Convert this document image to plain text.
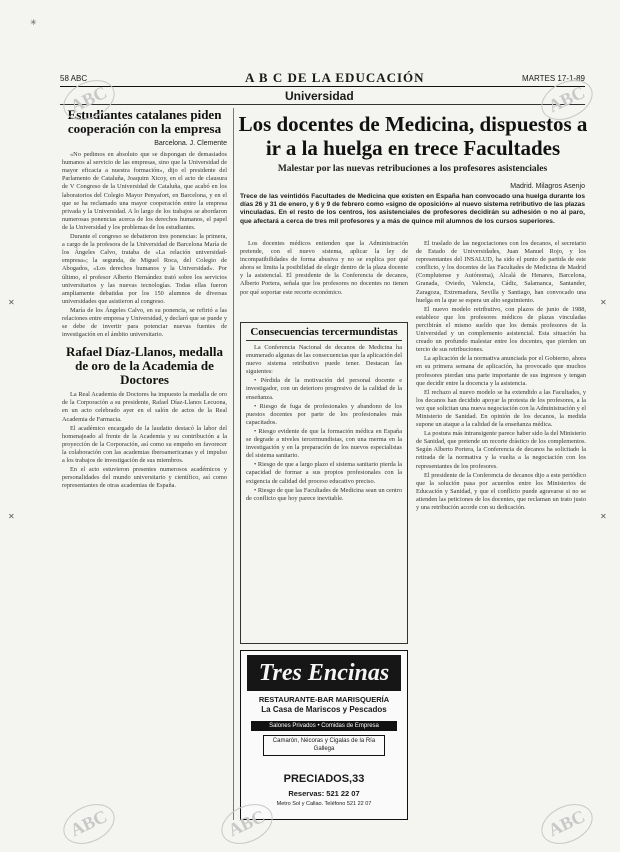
58 ABC	A B C DE LA EDUCACIÓN	MARTES 17-1-89
Universidad
Estudiantes catalanes piden cooperación con la empresa
Barcelona. J. Clemente

«No pedimos en absoluto que se dispongan de demasiados humanos al servicio de las empresas, sino que la Universidad de mayor eficacia a nuestra formación», dijo el presidente del Parlamento de Cataluña, Joaquim Xicoy, en el acto de clausura de V Congreso de la Universidad de Cataluña, que acabó en los laboratorios del Colegio Mayor Penyafort, en Barcelona, y en el que se ha reclamado una mayor cooperación entre la empresa privada y la Universidad. A lo largo de los trabajos se abordaron numerosas ponencias acerca de los derechos humanos, el papel de la Universidad y los problemas de los estudiantes.

Durante el congreso se debatieron tres ponencias: la primera, a cargo de la profesora de la Universidad de Barcelona María de los Ángeles Calvo, trataba de «La relación universidad-empresa»; la segunda, de Miguel Roca, del Colegio de Abogados, «Los derechos humanos y la Universidad». Por último, el profesor Alberto Hernández trató sobre los servicios universitarios y las nuevas tecnologías. Todas ellas fueron ampliamente debatidas por los 150 alumnos de diversas universidades que asistieron al congreso.

María de los Ángeles Calvo, en su ponencia, se refirió a las relaciones entre empresa y Universidad, y declaró que se puede y se debe de invertir para potenciar nuevas fuentes de investigación en el ámbito universitario.

Rafael Díaz-Llanos, medalla de oro de la Academia de Doctores

La Real Academia de Doctores ha impuesto la medalla de oro de la Corporación a su presidente, Rafael Díaz-Llanos Lecuona, en un acto celebrado ayer en el salón de actos de la Real Academia de Farmacia.

El académico encargado de la laudatio destacó la labor del homenajeado al frente de la Academia y su contribución a la proyección de la Corporación, así como su empeño en favorecer la colaboración con las academias iberoamericanas y el impulso a los trabajos de investigación de sus miembros.

En el acto estuvieron presentes numerosos académicos y personalidades del mundo universitario y científico, así como representantes de otras academias de España.

Los docentes de Medicina, dispuestos a ir a la huelga en trece Facultades
Malestar por las nuevas retribuciones a los profesores asistenciales
Madrid. Milagros Asenjo
Trece de las veintidós Facultades de Medicina que existen en España han convocado una huelga durante los días 26 y 31 de enero, y 6 y 9 de febrero como «signo de oposición» al nuevo sistema retributivo de las plazas vinculadas. En el resto de los centros, los asistenciales de profesores decidirán su adhesión o no al paro, que afectará a cerca de tres mil profesores y a más de quince mil alumnos de los cursos superiores.

Los docentes médicos entienden que la Administración pretende, con el nuevo sistema, aplicar la ley de incompatibilidades de forma abusiva y no se explica por qué ahora se limita la posibilidad de elegir dentro de la plaza docente y la asistencial. El presidente de la Conferencia de decanos, Alberto Portera, señala que los profesores no docentes no tienen por qué soportar este recorte económico.

Consecuencias tercermundistas

La Conferencia Nacional de decanos de Medicina ha enumerado algunas de las consecuencias que la aplicación del nuevo sistema retributivo puede tener. Destacan las siguientes:

• Pérdida de la motivación del personal docente e investigador, con un deterioro progresivo de la calidad de la enseñanza.

• Riesgo de fuga de profesionales y abandono de los puestos docentes por parte de los profesionales más capacitados.

• Riesgo evidente de que la formación médica en España se degrade a niveles tercermundistas, con una merma en la investigación y en la preparación de los nuevos especialistas del sistema sanitario.

• Riesgo de que a largo plazo el sistema sanitario pierda la capacidad de formar a sus propios profesionales con la exigencia de calidad del proceso educativo preciso.

• Riesgo de que las Facultades de Medicina sean un centro de conflicto que hoy parece inevitable.

Tres Encinas
RESTAURANTE-BAR MARISQUERÍA
La Casa de Mariscos y Pescados
Salones Privados • Comidas de Empresa
Camarón, Nécoras y Cigalas de la Ría Gallega
PRECIADOS,33
Reservas: 521 22 07
Metro Sol y Callao. Teléfono 521 22 07

El traslado de las negociaciones con los decanos, el secretario de Estado de Universidades, Juan Manuel Rojo, y los representantes del INSALUD, ha sido el punto de partida de este conflicto, y los docentes de las Facultades de Medicina de Madrid (Complutense y Autónoma), Alcalá de Henares, Barcelona, Granada, Oviedo, Valencia, Cádiz, Salamanca, Santander, Zaragoza, Extremadura, Sevilla y Santiago, han convocado una huelga en la que se espera un alto seguimiento.

El nuevo modelo retributivo, con plazos de junio de 1988, establece que los profesores médicos de plazas vinculadas percibirán el mismo sueldo que los demás profesores de la Universidad y un complemento asistencial. Esta situación ha creado un profundo malestar entre los docentes, que pierden un tercio de sus retribuciones.

La aplicación de la normativa anunciada por el Gobierno, ahora en su primera semana de aplicación, ha provocado que muchos profesores pierdan una parte importante de sus ingresos y tengan que decidir entre la docencia y la asistencia.

El rechazo al nuevo modelo se ha extendido a las Facultades, y los decanos han decidido apoyar la protesta de los profesores, a la vez que solicitan una nueva negociación con la Administración y el Ministerio de Sanidad. En opinión de los decanos, la medida supone un ataque a la calidad de la enseñanza médica.

La postura más intransigente parece haber sido la del Ministerio de Sanidad, que pretende un recorte drástico de los complementos. Según Alberto Portera, la Conferencia de decanos ha solicitado la retirada de la normativa y la vuelta a la negociación con los representantes de los profesores.

El presidente de la Conferencia de decanos dijo a este periódico que la solución pasa por acuerdos entre los Ministerios de Educación y Sanidad, y que el conflicto puede agravarse si no se atienden las peticiones de los docentes, que reclaman un trato justo y una retribución acorde con su dedicación.

ABC	ABC
ABC	ABC	ABC
✳
✕
✕
✕
✕
